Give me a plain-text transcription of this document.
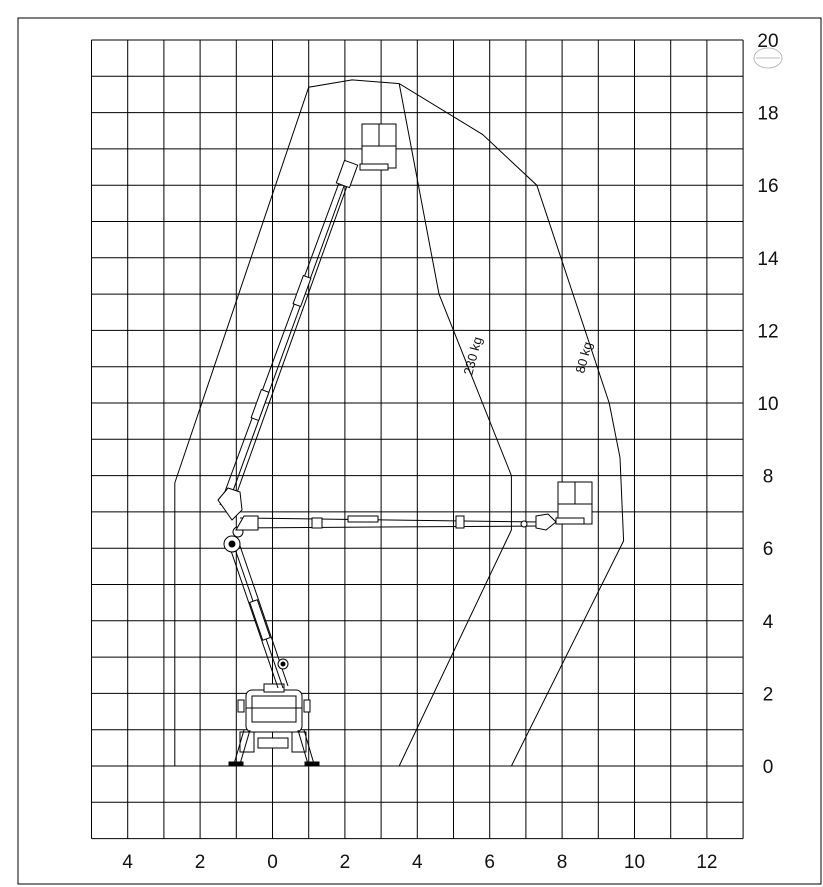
4	2	0	2	4	6	8	10	12
0
2
4
6
8
10
12
14
16
18
20
230 kg	80 kg
